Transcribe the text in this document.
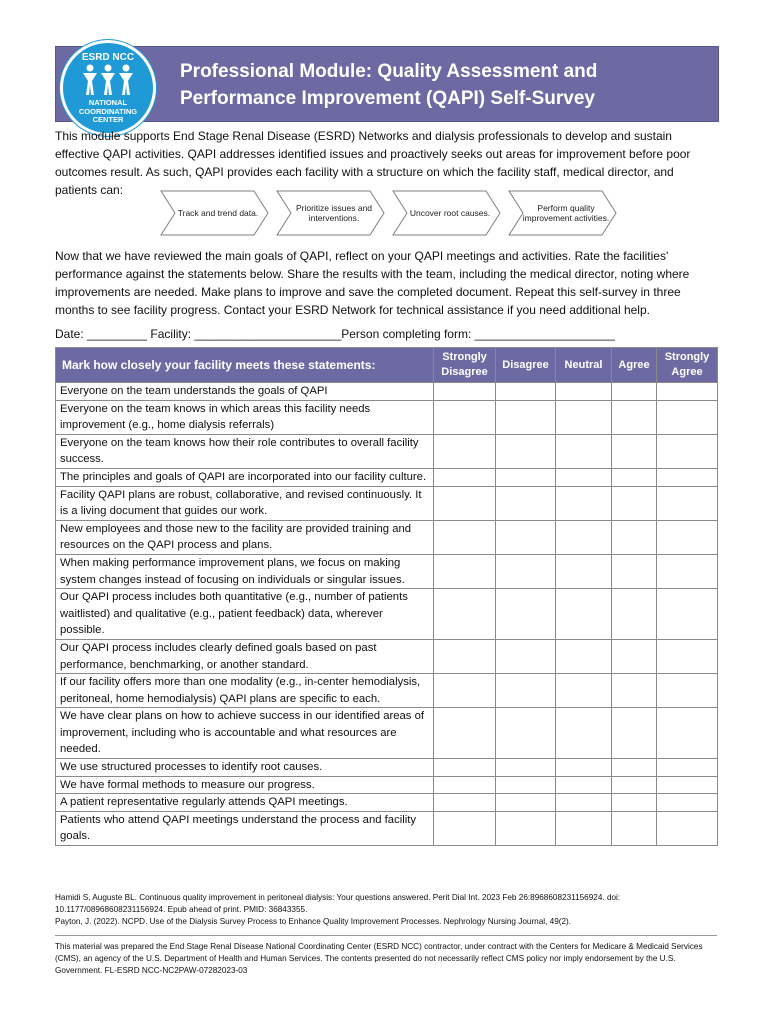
ESRD NCC
NATIONAL
COORDINATING
CENTER
Professional Module: Quality Assessment and
Performance Improvement (QAPI) Self-Survey
This module supports End Stage Renal Disease (ESRD) Networks and dialysis professionals to develop and sustain effective QAPI activities. QAPI addresses identified issues and proactively seeks out areas for improvement before poor outcomes result. As such, QAPI provides each facility with a structure on which the facility staff, medical director, and patients can:
Track and trend data.	Prioritize issues and interventions.	Uncover root causes.	Perform quality improvement activities.
Now that we have reviewed the main goals of QAPI, reflect on your QAPI meetings and activities. Rate the facilities' performance against the statements below. Share the results with the team, including the medical director, noting where improvements are needed. Make plans to improve and save the completed document. Repeat this self-survey in three months to see facility progress. Contact your ESRD Network for technical assistance if you need additional help.
Date: _________ Facility: ______________________Person completing form: _____________________
Mark how closely your facility meets these statements:	Strongly Disagree	Disagree	Neutral	Agree	Strongly Agree
Everyone on the team understands the goals of QAPI					
Everyone on the team knows in which areas this facility needs improvement (e.g., home dialysis referrals)					
Everyone on the team knows how their role contributes to overall facility success.					
The principles and goals of QAPI are incorporated into our facility culture.					
Facility QAPI plans are robust, collaborative, and revised continuously. It is a living document that guides our work.					
New employees and those new to the facility are provided training and resources on the QAPI process and plans.					
When making performance improvement plans, we focus on making system changes instead of focusing on individuals or singular issues.					
Our QAPI process includes both quantitative (e.g., number of patients waitlisted) and qualitative (e.g., patient feedback) data, wherever possible.					
Our QAPI process includes clearly defined goals based on past performance, benchmarking, or another standard.					
If our facility offers more than one modality (e.g., in-center hemodialysis, peritoneal, home hemodialysis) QAPI plans are specific to each.					
We have clear plans on how to achieve success in our identified areas of improvement, including who is accountable and what resources are needed.					
We use structured processes to identify root causes.					
We have formal methods to measure our progress.					
A patient representative regularly attends QAPI meetings.					
Patients who attend QAPI meetings understand the process and facility goals.					
Hamidi S, Auguste BL. Continuous quality improvement in peritoneal dialysis: Your questions answered. Perit Dial Int. 2023 Feb 26:8968608231156924. doi: 10.1177/08968608231156924. Epub ahead of print. PMID: 36843355.
Payton, J. (2022). NCPD. Use of the Dialysis Survey Process to Enhance Quality Improvement Processes. Nephrology Nursing Journal, 49(2).
This material was prepared the End Stage Renal Disease National Coordinating Center (ESRD NCC) contractor, under contract with the Centers for Medicare & Medicaid Services (CMS), an agency of the U.S. Department of Health and Human Services. The contents presented do not necessarily reflect CMS policy nor imply endorsement by the U.S. Government. FL-ESRD NCC-NC2PAW-07282023-03
